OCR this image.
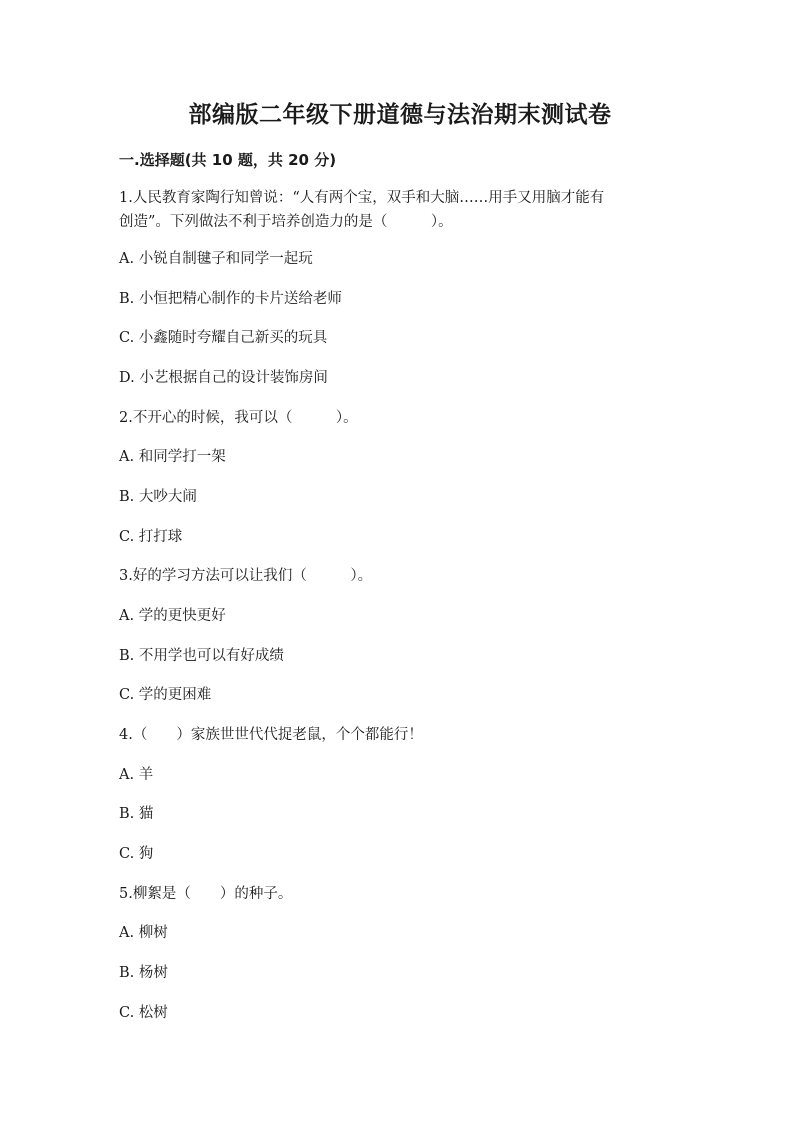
部编版二年级下册道德与法治期末测试卷
一.选择题(共 10 题，共 20 分)
1.人民教育家陶行知曾说：“人有两个宝，双手和大脑……用手又用脑才能有
创造”。下列做法不利于培养创造力的是（　　　）。
A. 小锐自制毽子和同学一起玩
B. 小恒把精心制作的卡片送给老师
C. 小鑫随时夸耀自己新买的玩具
D. 小艺根据自己的设计装饰房间
2.不开心的时候，我可以（　　　）。
A. 和同学打一架
B. 大吵大闹
C. 打打球
3.好的学习方法可以让我们（　　　）。
A. 学的更快更好
B. 不用学也可以有好成绩
C. 学的更困难
4.（　　）家族世世代代捉老鼠，个个都能行！
A. 羊
B. 猫
C. 狗
5.柳絮是（　　）的种子。
A. 柳树
B. 杨树
C. 松树
